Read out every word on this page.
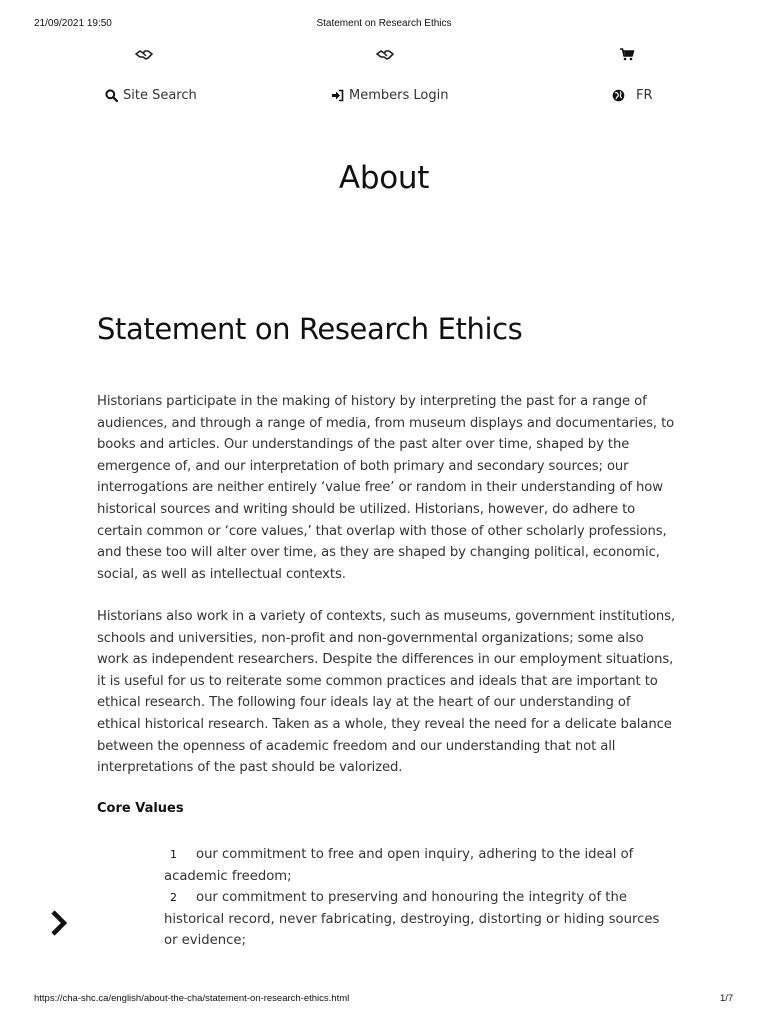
21/09/2021 19:50	Statement on Research Ethics
Site Search	Members Login	FR
About
Statement on Research Ethics

Historians participate in the making of history by interpreting the past for a range of audiences, and through a range of media, from museum displays and documentaries, to books and articles. Our understandings of the past alter over time, shaped by the emergence of, and our interpretation of both primary and secondary sources; our interrogations are neither entirely ‘value free’ or random in their understanding of how historical sources and writing should be utilized. Historians, however, do adhere to certain common or ‘core values,’ that overlap with those of other scholarly professions, and these too will alter over time, as they are shaped by changing political, economic, social, as well as intellectual contexts.

Historians also work in a variety of contexts, such as museums, government institutions, schools and universities, non-profit and non-governmental organizations; some also work as independent researchers. Despite the differences in our employment situations, it is useful for us to reiterate some common practices and ideals that are important to ethical research. The following four ideals lay at the heart of our understanding of ethical historical research. Taken as a whole, they reveal the need for a delicate balance between the openness of academic freedom and our understanding that not all interpretations of the past should be valorized.

Core Values
1 our commitment to free and open inquiry, adhering to the ideal of academic freedom;
2 our commitment to preserving and honouring the integrity of the historical record, never fabricating, destroying, distorting or hiding sources or evidence;
https://cha-shc.ca/english/about-the-cha/statement-on-research-ethics.html	1/7
